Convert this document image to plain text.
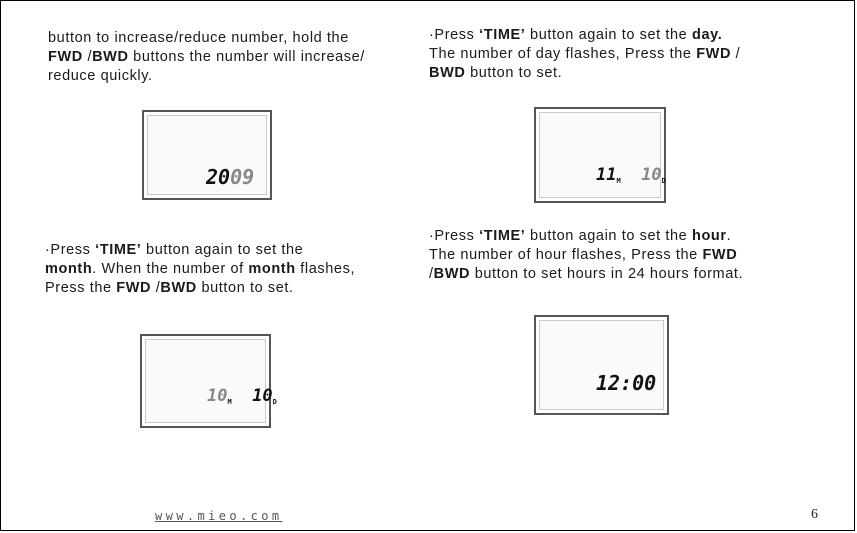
button to increase/reduce number, hold the
FWD /BWD buttons the number will increase/
reduce quickly.
·Press ‘TIME’ button again to set the day.
The number of day flashes, Press the FWD /
BWD button to set.
2009	11M 10D
·Press ‘TIME’ button again to set the
month. When the number of month flashes,
Press the FWD /BWD button to set.
·Press ‘TIME’ button again to set the hour.
The number of hour flashes, Press the FWD
/BWD button to set hours in 24 hours format.
10M 10D
12:00
www.mieo.com	6
